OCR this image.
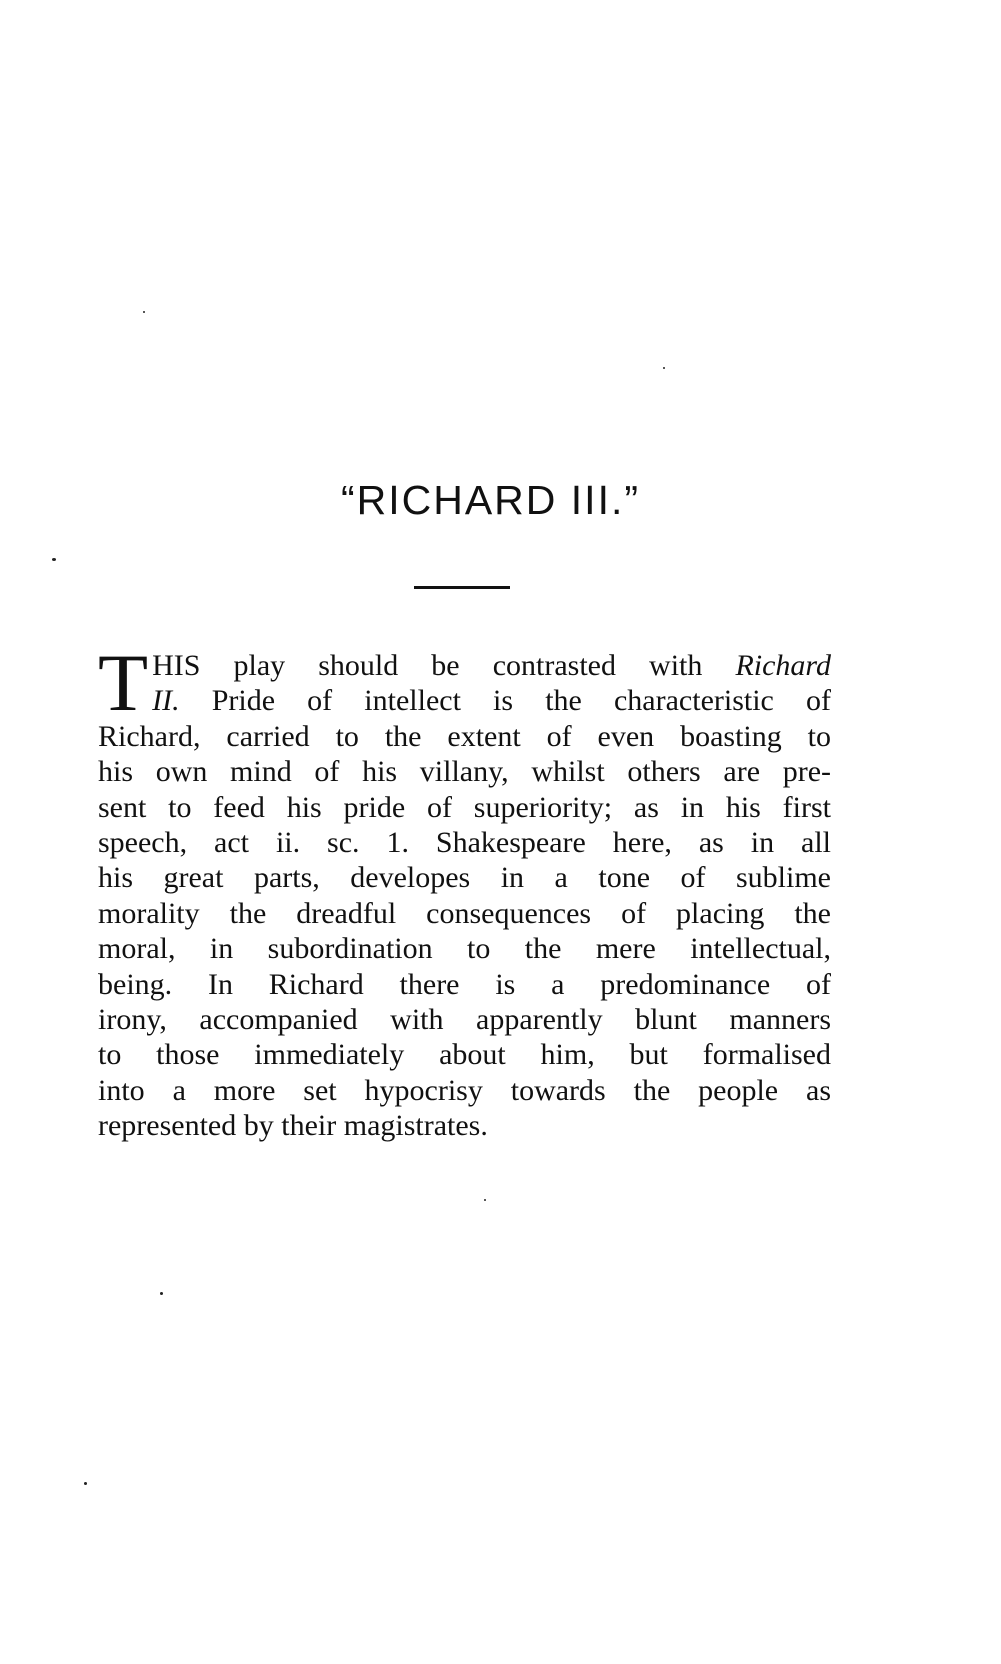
“RICHARD III.”
T HIS play should be contrasted with Richard
II. Pride of intellect is the characteristic of
Richard, carried to the extent of even boasting to
his own mind of his villany, whilst others are pre-
sent to feed his pride of superiority; as in his first
speech, act ii. sc. 1. Shakespeare here, as in all
his great parts, developes in a tone of sublime
morality the dreadful consequences of placing the
moral, in subordination to the mere intellectual,
being. In Richard there is a predominance of
irony, accompanied with apparently blunt manners
to those immediately about him, but formalised
into a more set hypocrisy towards the people as
represented by their magistrates.
